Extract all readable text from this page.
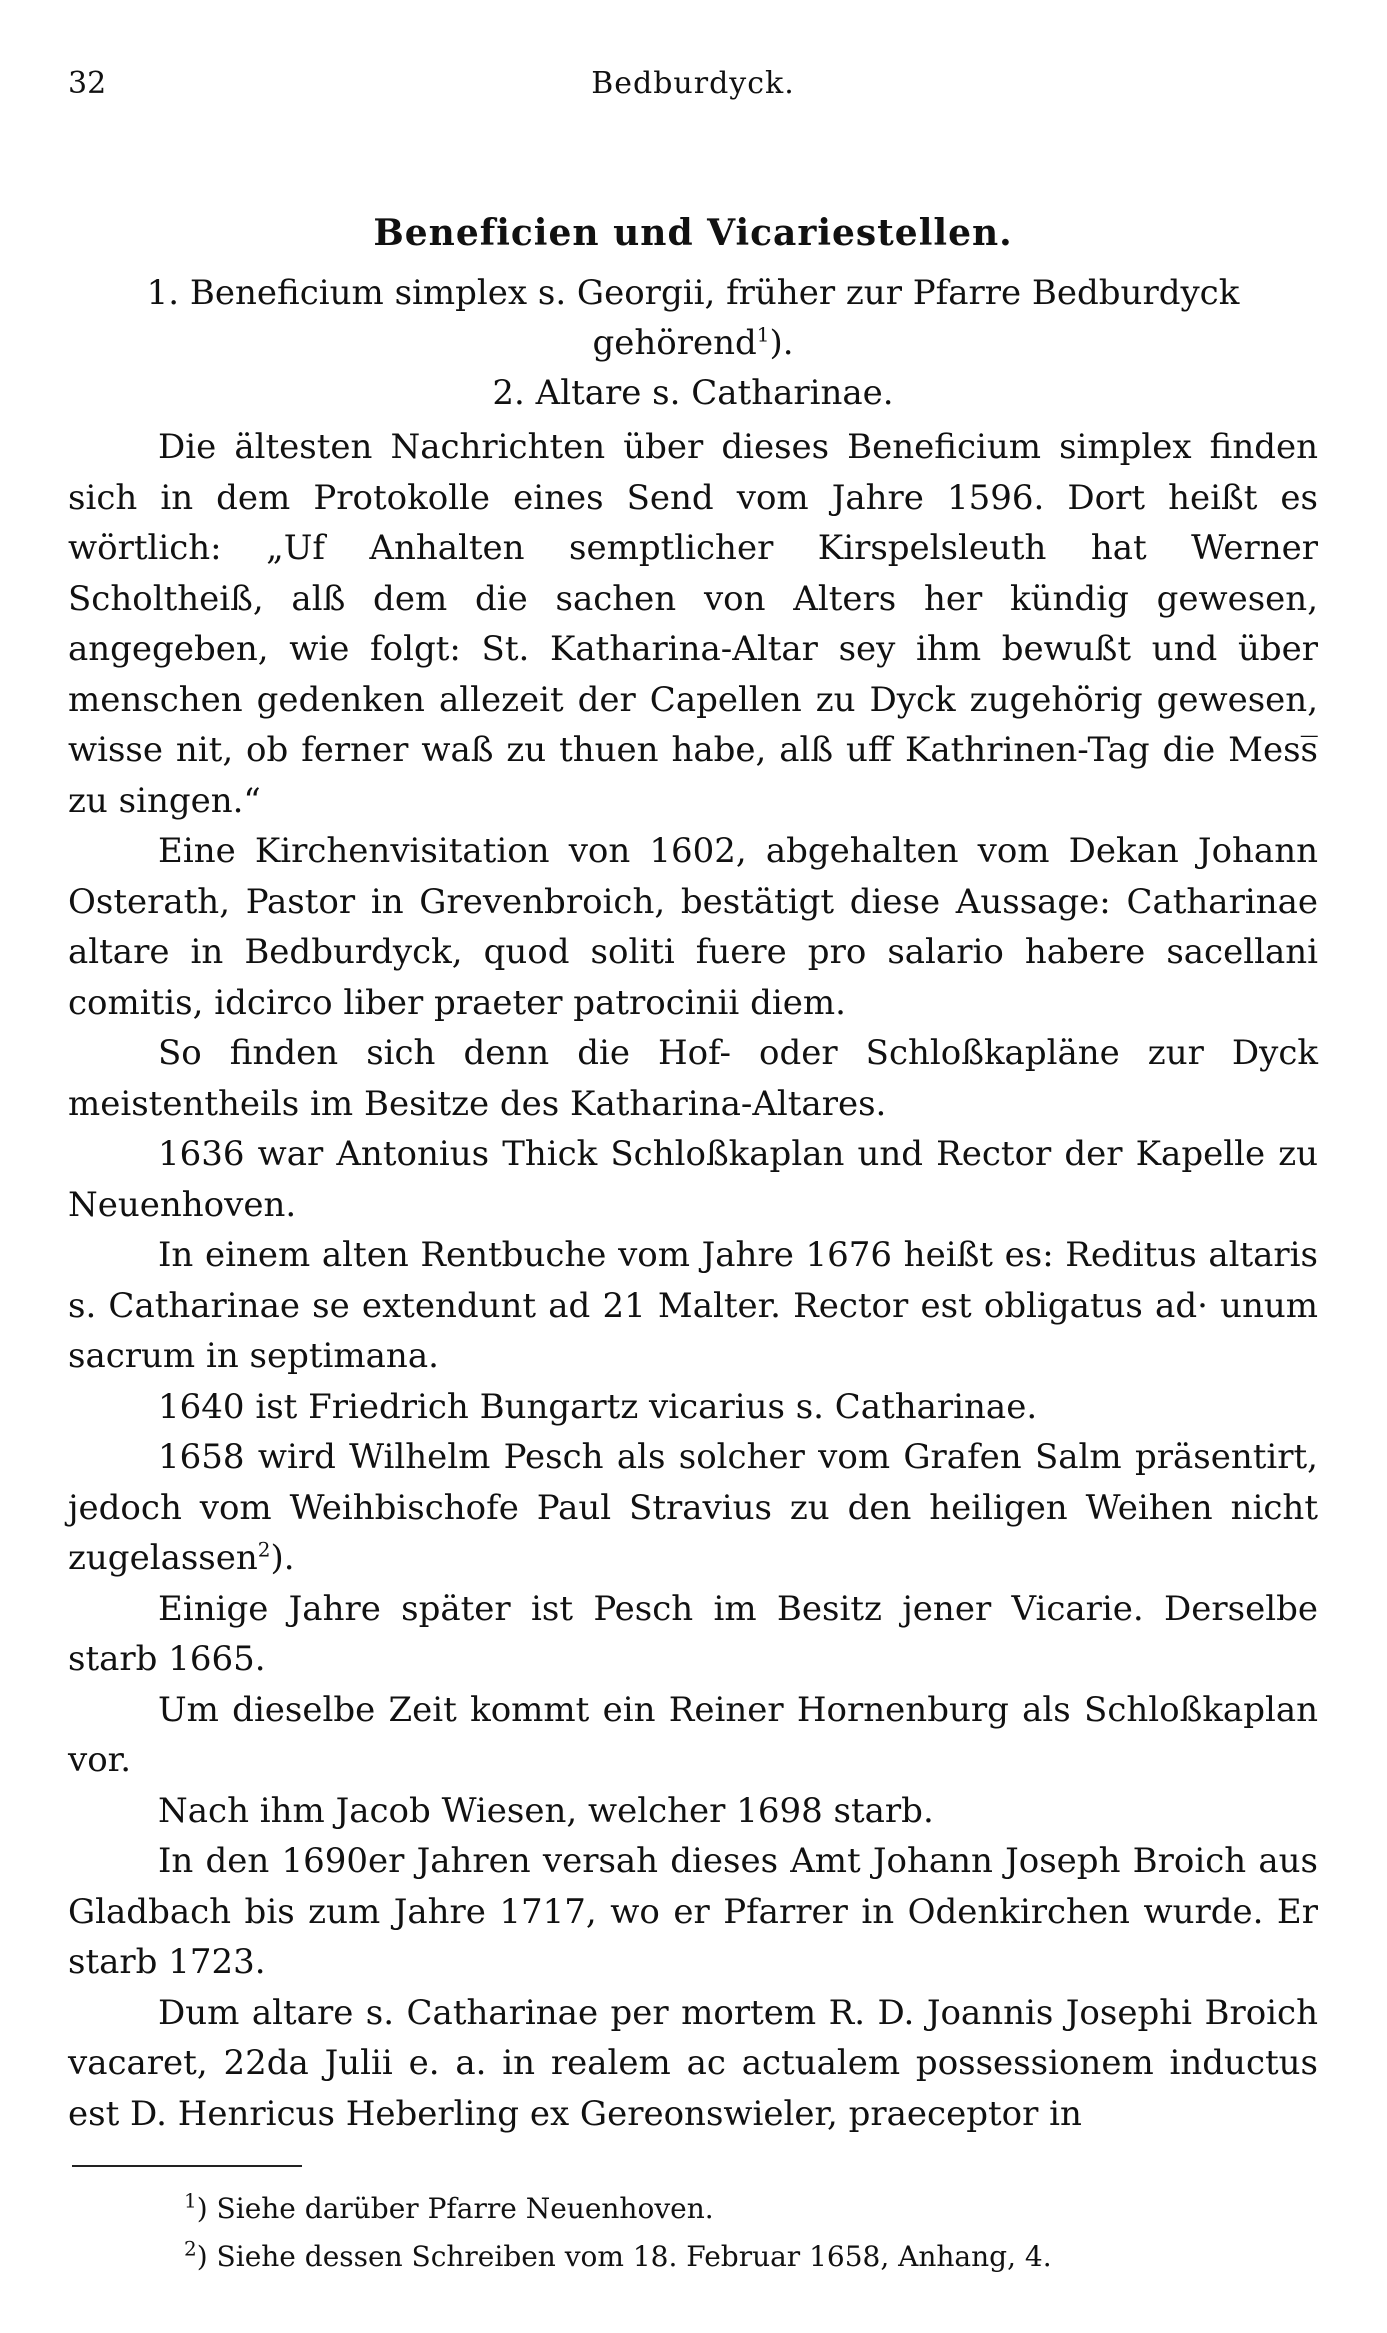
32	Bedburdyck.
Beneficien und Vicariestellen.

1. Beneficium simplex s. Georgii, früher zur Pfarre Bedburdyck gehörend$^1$).

2. Altare s. Catharinae.

Die ältesten Nachrichten über dieses Beneficium simplex finden sich in dem Protokolle eines Send vom Jahre 1596. Dort heißt es wörtlich: „Uf Anhalten semptlicher Kirspelsleuth hat Werner Scholtheiß, alß dem die sachen von Alters her kündig gewesen, angegeben, wie folgt: St. Katharina-Altar sey ihm bewußt und über menschen gedenken allezeit der Capellen zu Dyck zugehörig gewesen, wisse nit, ob ferner waß zu thuen habe, alß uff Kathrinen-Tag die Mess̅ zu singen.“

Eine Kirchenvisitation von 1602, abgehalten vom Dekan Johann Osterath, Pastor in Grevenbroich, bestätigt diese Aussage: Catharinae altare in Bedburdyck, quod soliti fuere pro salario habere sacellani comitis, idcirco liber praeter patrocinii diem.

So finden sich denn die Hof- oder Schloßkapläne zur Dyck meistentheils im Besitze des Katharina-Altares.

1636 war Antonius Thick Schloßkaplan und Rector der Kapelle zu Neuenhoven.

In einem alten Rentbuche vom Jahre 1676 heißt es: Reditus altaris s. Catharinae se extendunt ad 21 Malter. Rector est obligatus ad· unum sacrum in septimana.

1640 ist Friedrich Bungartz vicarius s. Catharinae.

1658 wird Wilhelm Pesch als solcher vom Grafen Salm präsentirt, jedoch vom Weihbischofe Paul Stravius zu den heiligen Weihen nicht zugelassen$^2$).

Einige Jahre später ist Pesch im Besitz jener Vicarie. Derselbe starb 1665.

Um dieselbe Zeit kommt ein Reiner Hornenburg als Schloßkaplan vor.

Nach ihm Jacob Wiesen, welcher 1698 starb.

In den 1690er Jahren versah dieses Amt Johann Joseph Broich aus Gladbach bis zum Jahre 1717, wo er Pfarrer in Odenkirchen wurde. Er starb 1723.

Dum altare s. Catharinae per mortem R. D. Joannis Josephi Broich vacaret, 22da Julii e. a. in realem ac actualem possessionem inductus est D. Henricus Heberling ex Gereonswieler, praeceptor in

$^1$) Siehe darüber Pfarre Neuenhoven.

$^2$) Siehe dessen Schreiben vom 18. Februar 1658, Anhang, 4.
